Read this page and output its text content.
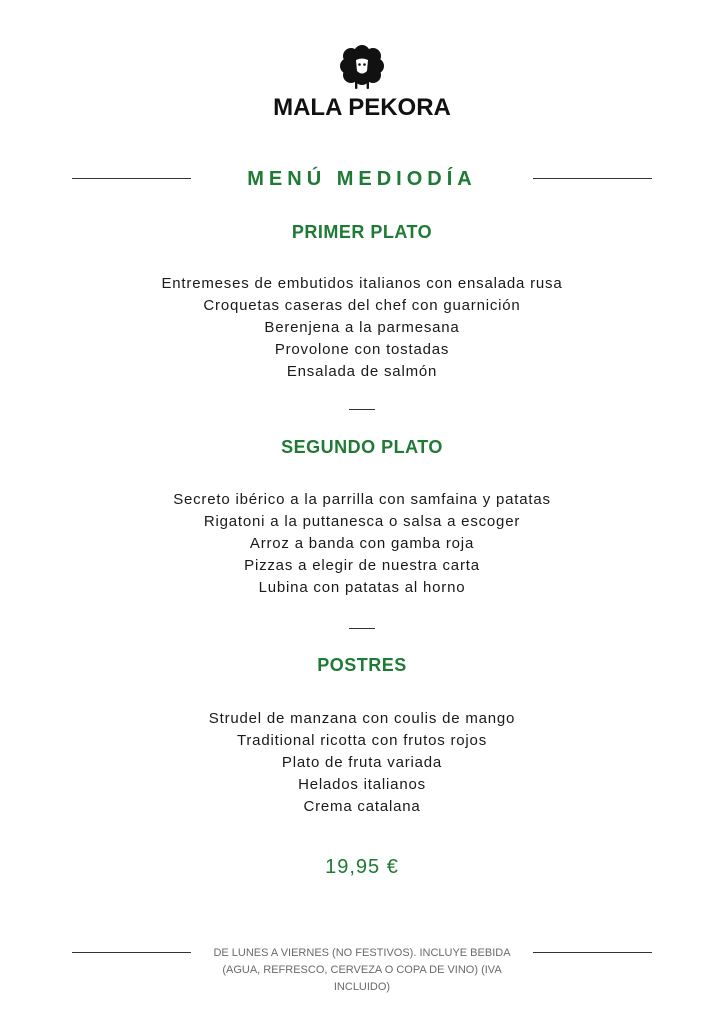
MALA PEKORA
MENÚ MEDIODÍA
PRIMER PLATO
Entremeses de embutidos italianos con ensalada rusa
Croquetas caseras del chef con guarnición
Berenjena a la parmesana
Provolone con tostadas
Ensalada de salmón
SEGUNDO PLATO
Secreto ibérico a la parrilla con samfaina y patatas
Rigatoni a la puttanesca o salsa a escoger
Arroz a banda con gamba roja
Pizzas a elegir de nuestra carta
Lubina con patatas al horno
POSTRES
Strudel de manzana con coulis de mango
Traditional ricotta con frutos rojos
Plato de fruta variada
Helados italianos
Crema catalana
19,95 €
DE LUNES A VIERNES (NO FESTIVOS). INCLUYE BEBIDA (AGUA, REFRESCO, CERVEZA O COPA DE VINO) (IVA INCLUIDO)
